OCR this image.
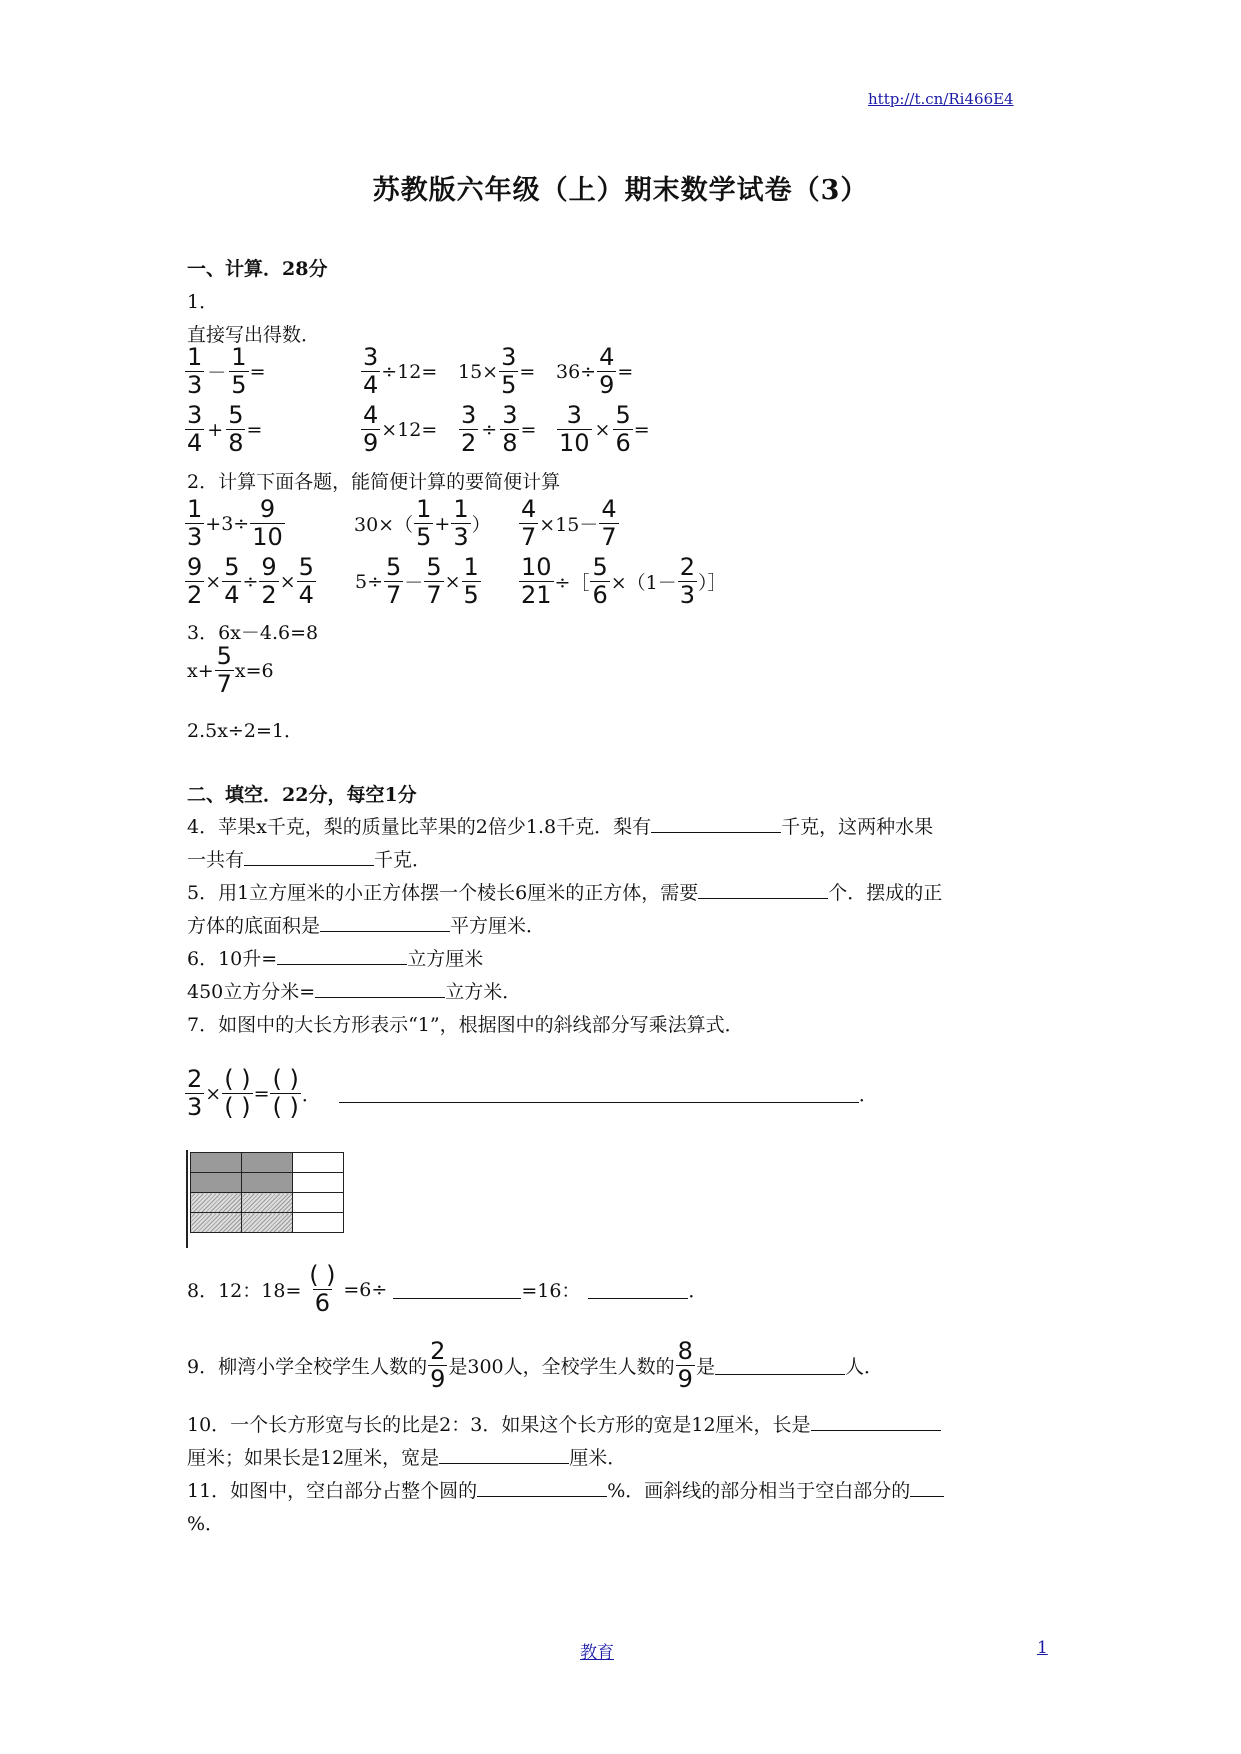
http://t.cn/Ri466E4
苏教版六年级（上）期末数学试卷（3）
一、计算．28分
1．
直接写出得数．
$\frac{1}{3} - \frac{1}{5}$ =	$\frac{3}{4} \div 12= 15\times \frac{3}{5} = 36\div \frac{4}{9}$ =
$\frac{3}{4} + \frac{5}{8}$ =	$\frac{4}{9} \times 12= \frac{3}{2} \div \frac{3}{8} = \frac{3}{10} \times \frac{5}{6}$ =
2．计算下面各题，能简便计算的要简便计算
$\frac{1}{3} +3\div \frac{9}{10}$	$30\times( \frac{1}{5} + \frac{1}{3}$ ） $\frac{4}{7} \times 15- \frac{4}{7}$
$\frac{9}{2} \times \frac{5}{4} \div \frac{9}{2} \times \frac{5}{4} 5\div \frac{5}{7} - \frac{5}{7} \times \frac{1}{5} \frac{10}{21}$ ÷［ $\frac{5}{6} \times(1- \frac{2}{3}$ ）］
3．6x－4.6=8
$x+ \frac{5}{7} x=6$
2.5x÷2=1．
二、填空．22分，每空1分
4．苹果x千克，梨的质量比苹果的2倍少1.8千克．梨有	千克，这两种水果
一共有	千克．
5．用1立方厘米的小正方体摆一个棱长6厘米的正方体，需要	个．摆成的正
方体的底面积是	平方厘米．
6．10升=	立方厘米
450立方分米=	立方米．
7．如图中的大长方形表示“1”，根据图中的斜线部分写乘法算式．
$\frac{2}{3} \times \frac{( )}{( )} = \frac{( )}{( )}$ ．	．

8．12：$18= \frac{( )}{6} =6\div$	=16：	．
9．柳湾小学全校学生人数的 $\frac{2}{9}$ 是300人，全校学生人数的 $\frac{8}{9}$ 是	人．
10．一个长方形宽与长的比是2：3．如果这个长方形的宽是12厘米，长是
厘米；如果长是12厘米，宽是	厘米．
11．如图中，空白部分占整个圆的	%．画斜线的部分相当于空白部分的
%．
教育	1
